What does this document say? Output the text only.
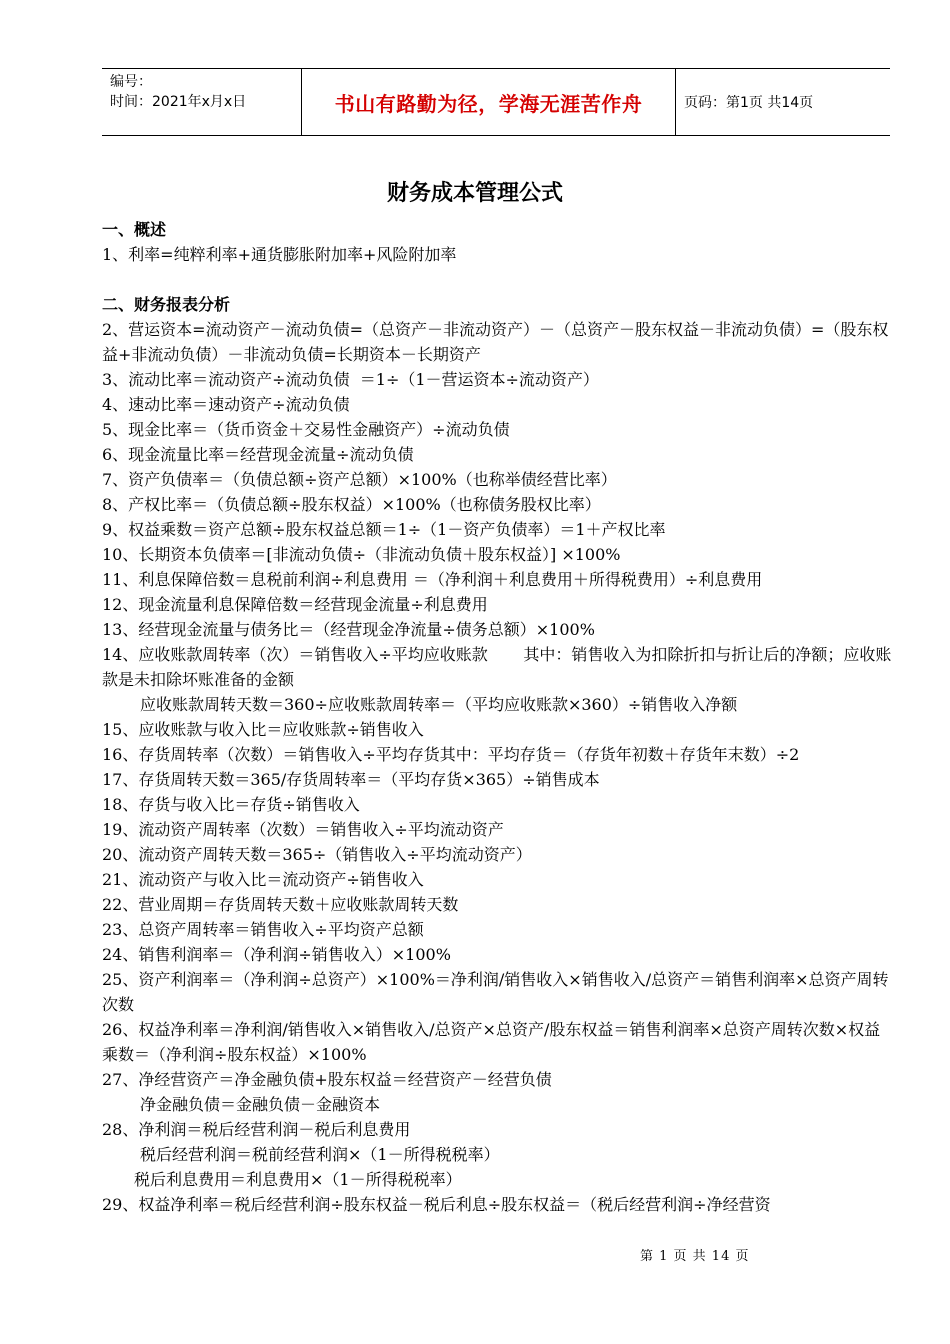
编号：
时间：2021年x月x日	书山有路勤为径，学海无涯苦作舟	页码：第1页 共14页
财务成本管理公式
一、概述
1、利率=纯粹利率+通货膨胀附加率+风险附加率
二、财务报表分析
2、营运资本=流动资产－流动负债=（总资产－非流动资产）－（总资产－股东权益－非流动负债）=（股东权益+非流动负债）－非流动负债=长期资本－长期资产
3、流动比率＝流动资产÷流动负债  ＝1÷（1－营运资本÷流动资产）
4、速动比率＝速动资产÷流动负债
5、现金比率＝（货币资金＋交易性金融资产）÷流动负债
6、现金流量比率＝经营现金流量÷流动负债
7、资产负债率＝（负债总额÷资产总额）×100%（也称举债经营比率）
8、产权比率＝（负债总额÷股东权益）×100%（也称债务股权比率）
9、权益乘数＝资产总额÷股东权益总额＝1÷（1－资产负债率）＝1＋产权比率
10、长期资本负债率＝[非流动负债÷（非流动负债＋股东权益）] ×100%
11、利息保障倍数＝息税前利润÷利息费用 ＝（净利润＋利息费用＋所得税费用）÷利息费用
12、现金流量利息保障倍数＝经营现金流量÷利息费用
13、经营现金流量与债务比＝（经营现金净流量÷债务总额）×100%
14、应收账款周转率（次）＝销售收入÷平均应收账款       其中：销售收入为扣除折扣与折让后的净额；应收账款是未扣除坏账准备的金额
应收账款周转天数＝360÷应收账款周转率＝（平均应收账款×360）÷销售收入净额
15、应收账款与收入比＝应收账款÷销售收入
16、存货周转率（次数）＝销售收入÷平均存货其中：平均存货＝（存货年初数＋存货年末数）÷2
17、存货周转天数＝365/存货周转率＝（平均存货×365）÷销售成本
18、存货与收入比＝存货÷销售收入
19、流动资产周转率（次数）＝销售收入÷平均流动资产
20、流动资产周转天数＝365÷（销售收入÷平均流动资产）
21、流动资产与收入比＝流动资产÷销售收入
22、营业周期＝存货周转天数＋应收账款周转天数
23、总资产周转率＝销售收入÷平均资产总额
24、销售利润率＝（净利润÷销售收入）×100%
25、资产利润率＝（净利润÷总资产）×100%＝净利润/销售收入×销售收入/总资产＝销售利润率×总资产周转次数
26、权益净利率＝净利润/销售收入×销售收入/总资产×总资产/股东权益＝销售利润率×总资产周转次数×权益乘数＝（净利润÷股东权益）×100%
27、净经营资产＝净金融负债+股东权益＝经营资产－经营负债
净金融负债＝金融负债－金融资本
28、净利润＝税后经营利润－税后利息费用
税后经营利润＝税前经营利润×（1－所得税税率）
税后利息费用＝利息费用×（1－所得税税率）
29、权益净利率＝税后经营利润÷股东权益－税后利息÷股东权益＝（税后经营利润÷净经营资
第 1 页 共 14 页
